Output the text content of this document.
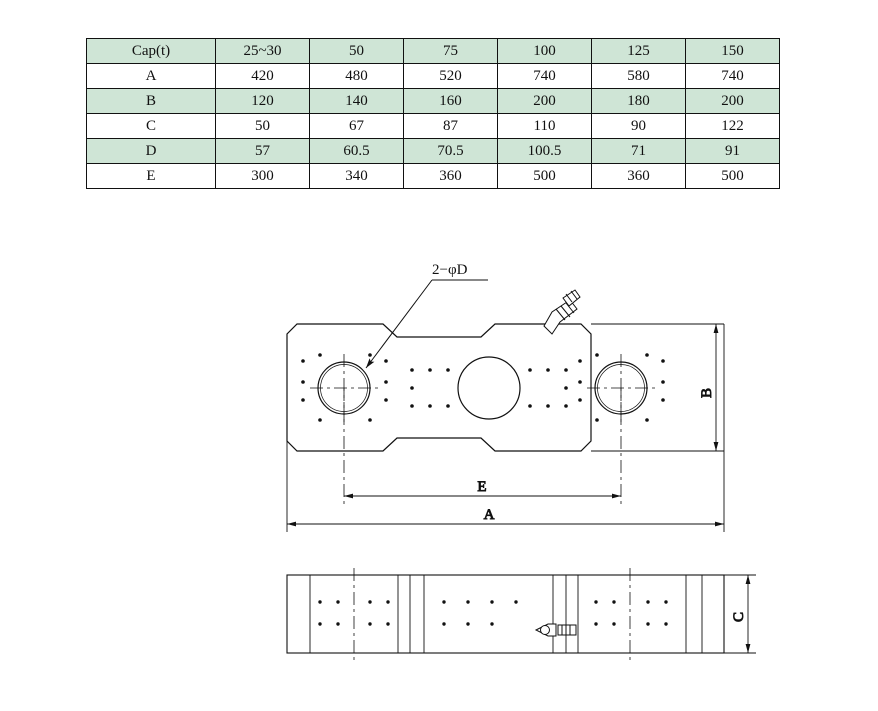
Cap(t)	25~30	50	75	100	125	150
A	420	480	520	740	580	740
B	120	140	160	200	180	200
C	50	67	87	110	90	122
D	57	60.5	70.5	100.5	71	91
E	300	340	360	500	360	500
2−φD
B
E
A
C
